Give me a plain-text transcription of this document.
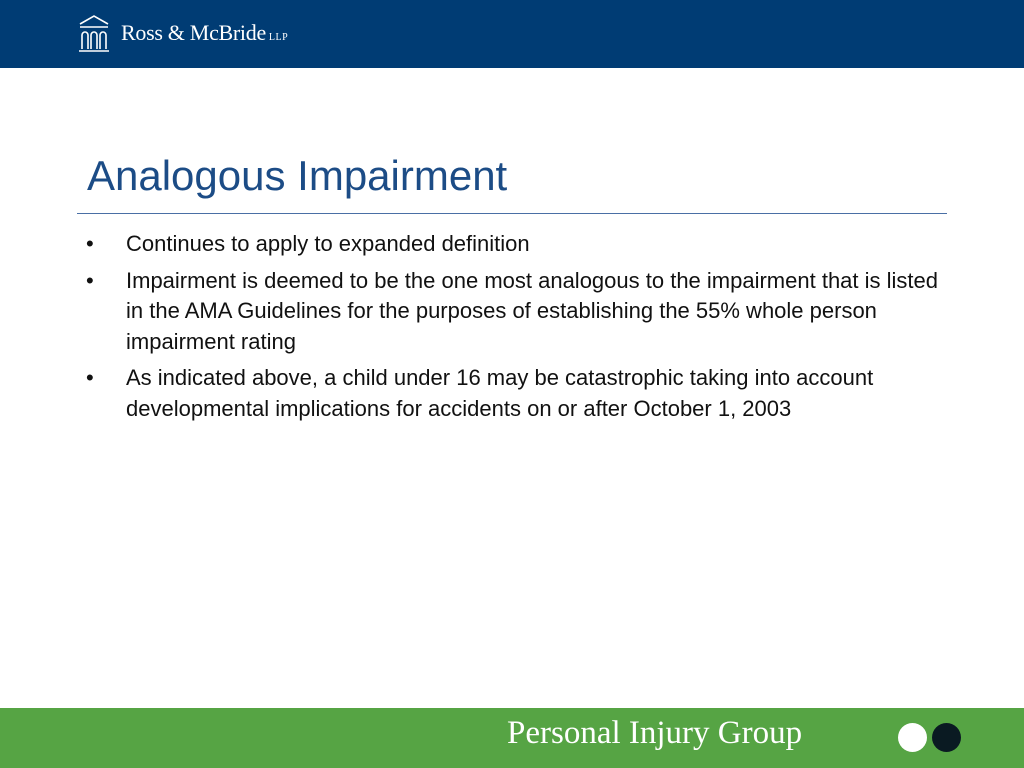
Ross & McBride LLP
Analogous Impairment
• Continues to apply to expanded definition
• Impairment is deemed to be the one most analogous to the impairment that is listed in the AMA Guidelines for the purposes of establishing the 55% whole person impairment rating
• As indicated above, a child under 16 may be catastrophic taking into account developmental implications for accidents on or after October 1, 2003
Personal Injury Group
